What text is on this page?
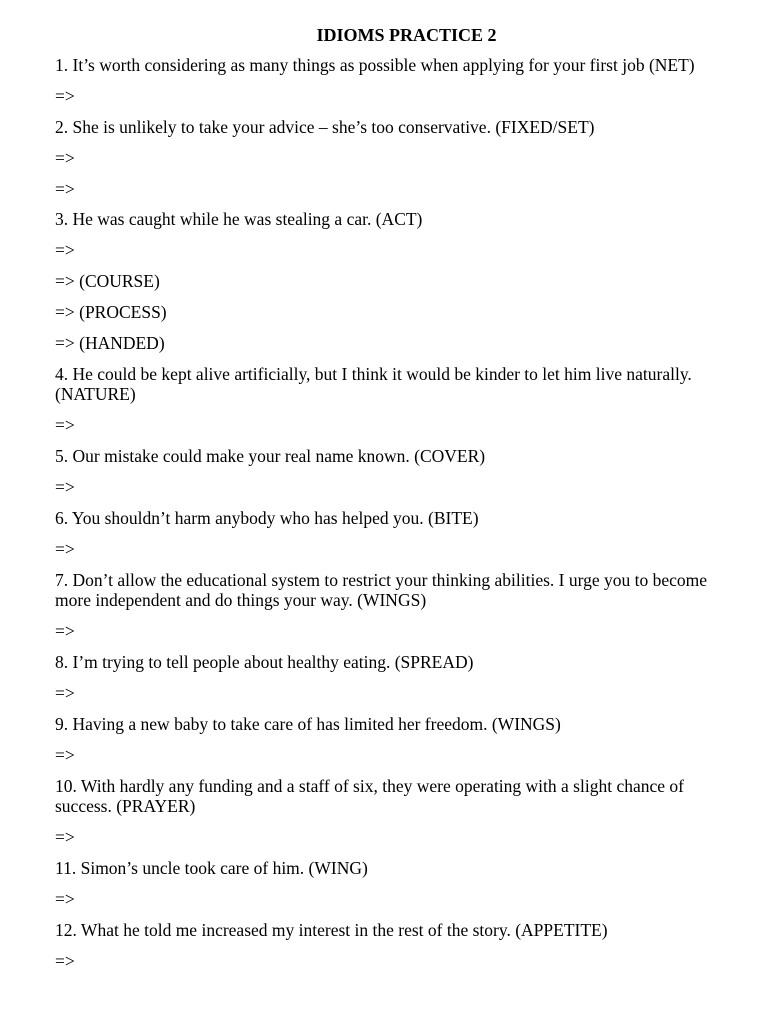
IDIOMS PRACTICE 2
1. It’s worth considering as many things as possible when applying for your first job (NET)
=>
2. She is unlikely to take your advice – she’s too conservative. (FIXED/SET)
=>
=>
3. He was caught while he was stealing a car. (ACT)
=>
=> (COURSE)
=> (PROCESS)
=> (HANDED)
4. He could be kept alive artificially, but I think it would be kinder to let him live naturally. (NATURE)
=>
5. Our mistake could make your real name known. (COVER)
=>
6. You shouldn’t harm anybody who has helped you. (BITE)
=>
7. Don’t allow the educational system to restrict your thinking abilities. I urge you to become more independent and do things your way. (WINGS)
=>
8. I’m trying to tell people about healthy eating. (SPREAD)
=>
9. Having a new baby to take care of has limited her freedom. (WINGS)
=>
10. With hardly any funding and a staff of six, they were operating with a slight chance of success. (PRAYER)
=>
11. Simon’s uncle took care of him. (WING)
=>
12. What he told me increased my interest in the rest of the story. (APPETITE)
=>
